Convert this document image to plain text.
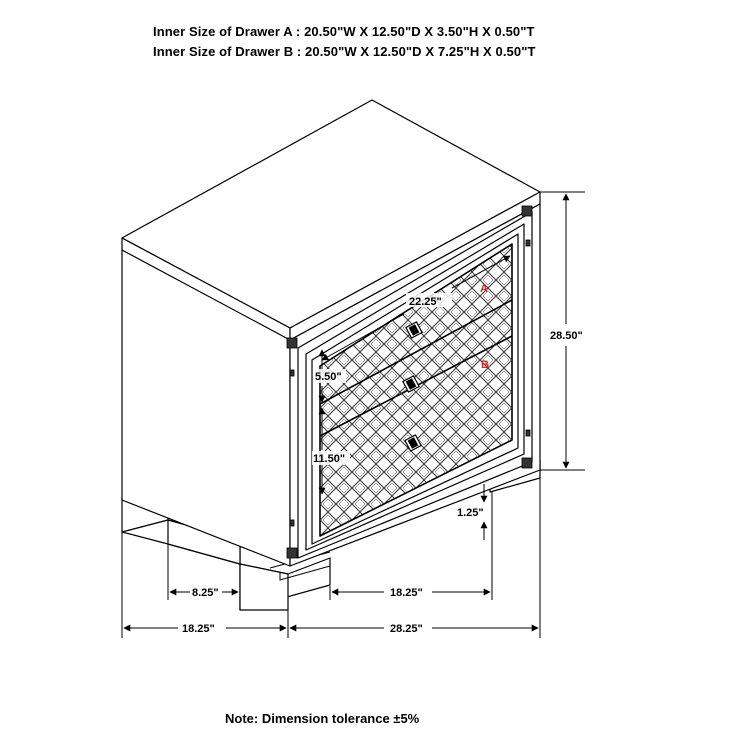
Inner Size of Drawer A : 20.50"W X 12.50"D X 3.50"H X 0.50"T
Inner Size of Drawer B : 20.50"W X 12.50"D X 7.25"H X 0.50"T
A
B
28.50"
22.25"
5.50"
11.50"
1.25"
8.25"	18.25"
18.25"	28.25"
Note: Dimension tolerance ±5%
